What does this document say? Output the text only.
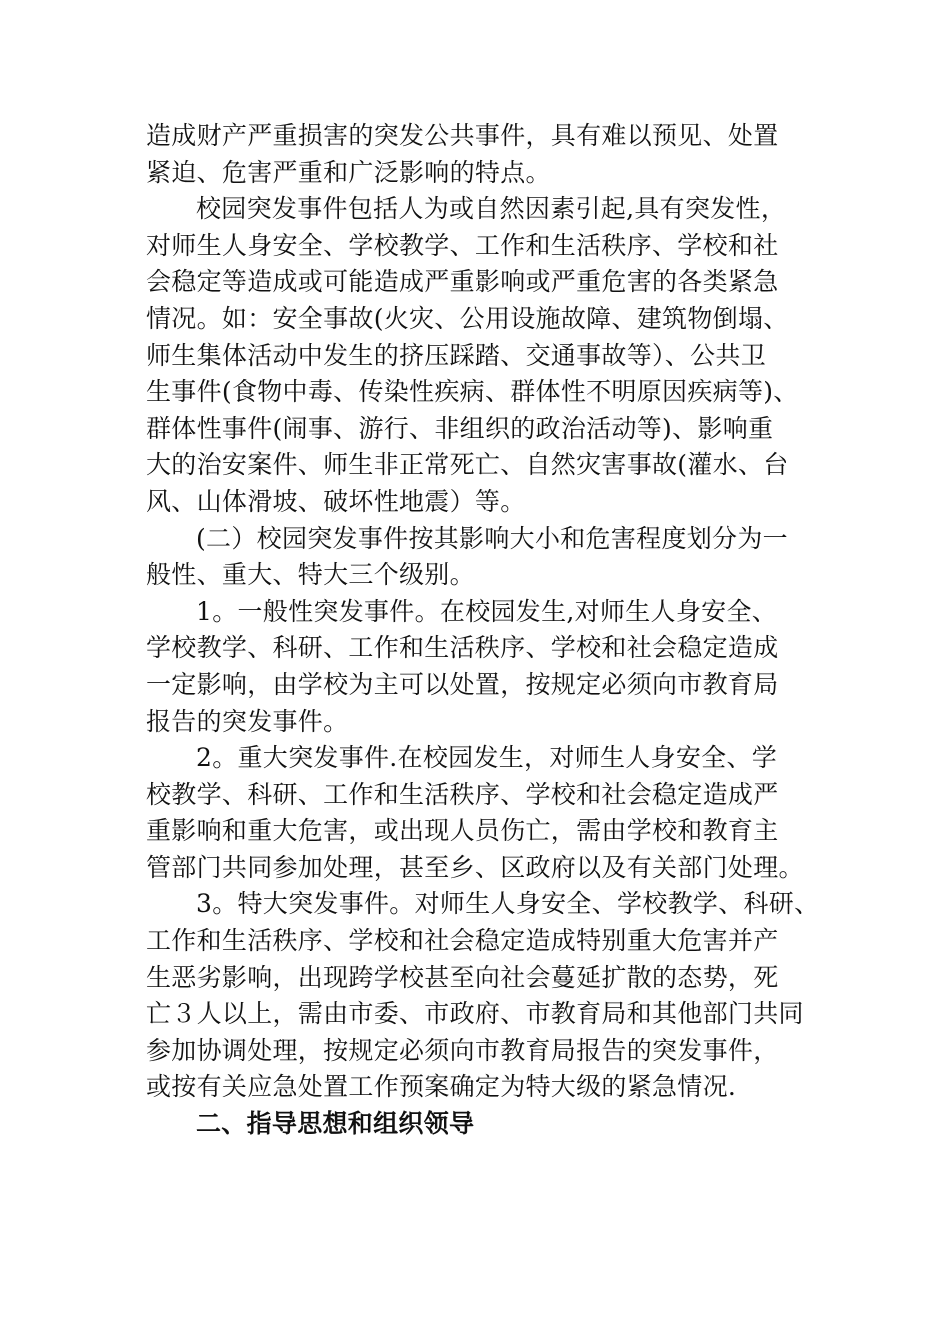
造成财产严重损害的突发公共事件，具有难以预见、处置
紧迫、危害严重和广泛影响的特点。
校园突发事件包括人为或自然因素引起,具有突发性，
对师生人身安全、学校教学、工作和生活秩序、学校和社
会稳定等造成或可能造成严重影响或严重危害的各类紧急
情况。如：安全事故(火灾、公用设施故障、建筑物倒塌、
师生集体活动中发生的挤压踩踏、交通事故等）、公共卫
生事件(食物中毒、传染性疾病、群体性不明原因疾病等)、
群体性事件(闹事、游行、非组织的政治活动等)、影响重
大的治安案件、师生非正常死亡、自然灾害事故(灌水、台
风、山体滑坡、破坏性地震）等。
(二）校园突发事件按其影响大小和危害程度划分为一
般性、重大、特大三个级别。
1。一般性突发事件。在校园发生,对师生人身安全、
学校教学、科研、工作和生活秩序、学校和社会稳定造成
一定影响，由学校为主可以处置，按规定必须向市教育局
报告的突发事件。
2。重大突发事件.在校园发生，对师生人身安全、学
校教学、科研、工作和生活秩序、学校和社会稳定造成严
重影响和重大危害，或出现人员伤亡，需由学校和教育主
管部门共同参加处理，甚至乡、区政府以及有关部门处理。
3。特大突发事件。对师生人身安全、学校教学、科研、
工作和生活秩序、学校和社会稳定造成特别重大危害并产
生恶劣影响，出现跨学校甚至向社会蔓延扩散的态势，死
亡３人以上，需由市委、市政府、市教育局和其他部门共同
参加协调处理，按规定必须向市教育局报告的突发事件，
或按有关应急处置工作预案确定为特大级的紧急情况.
二、指导思想和组织领导
